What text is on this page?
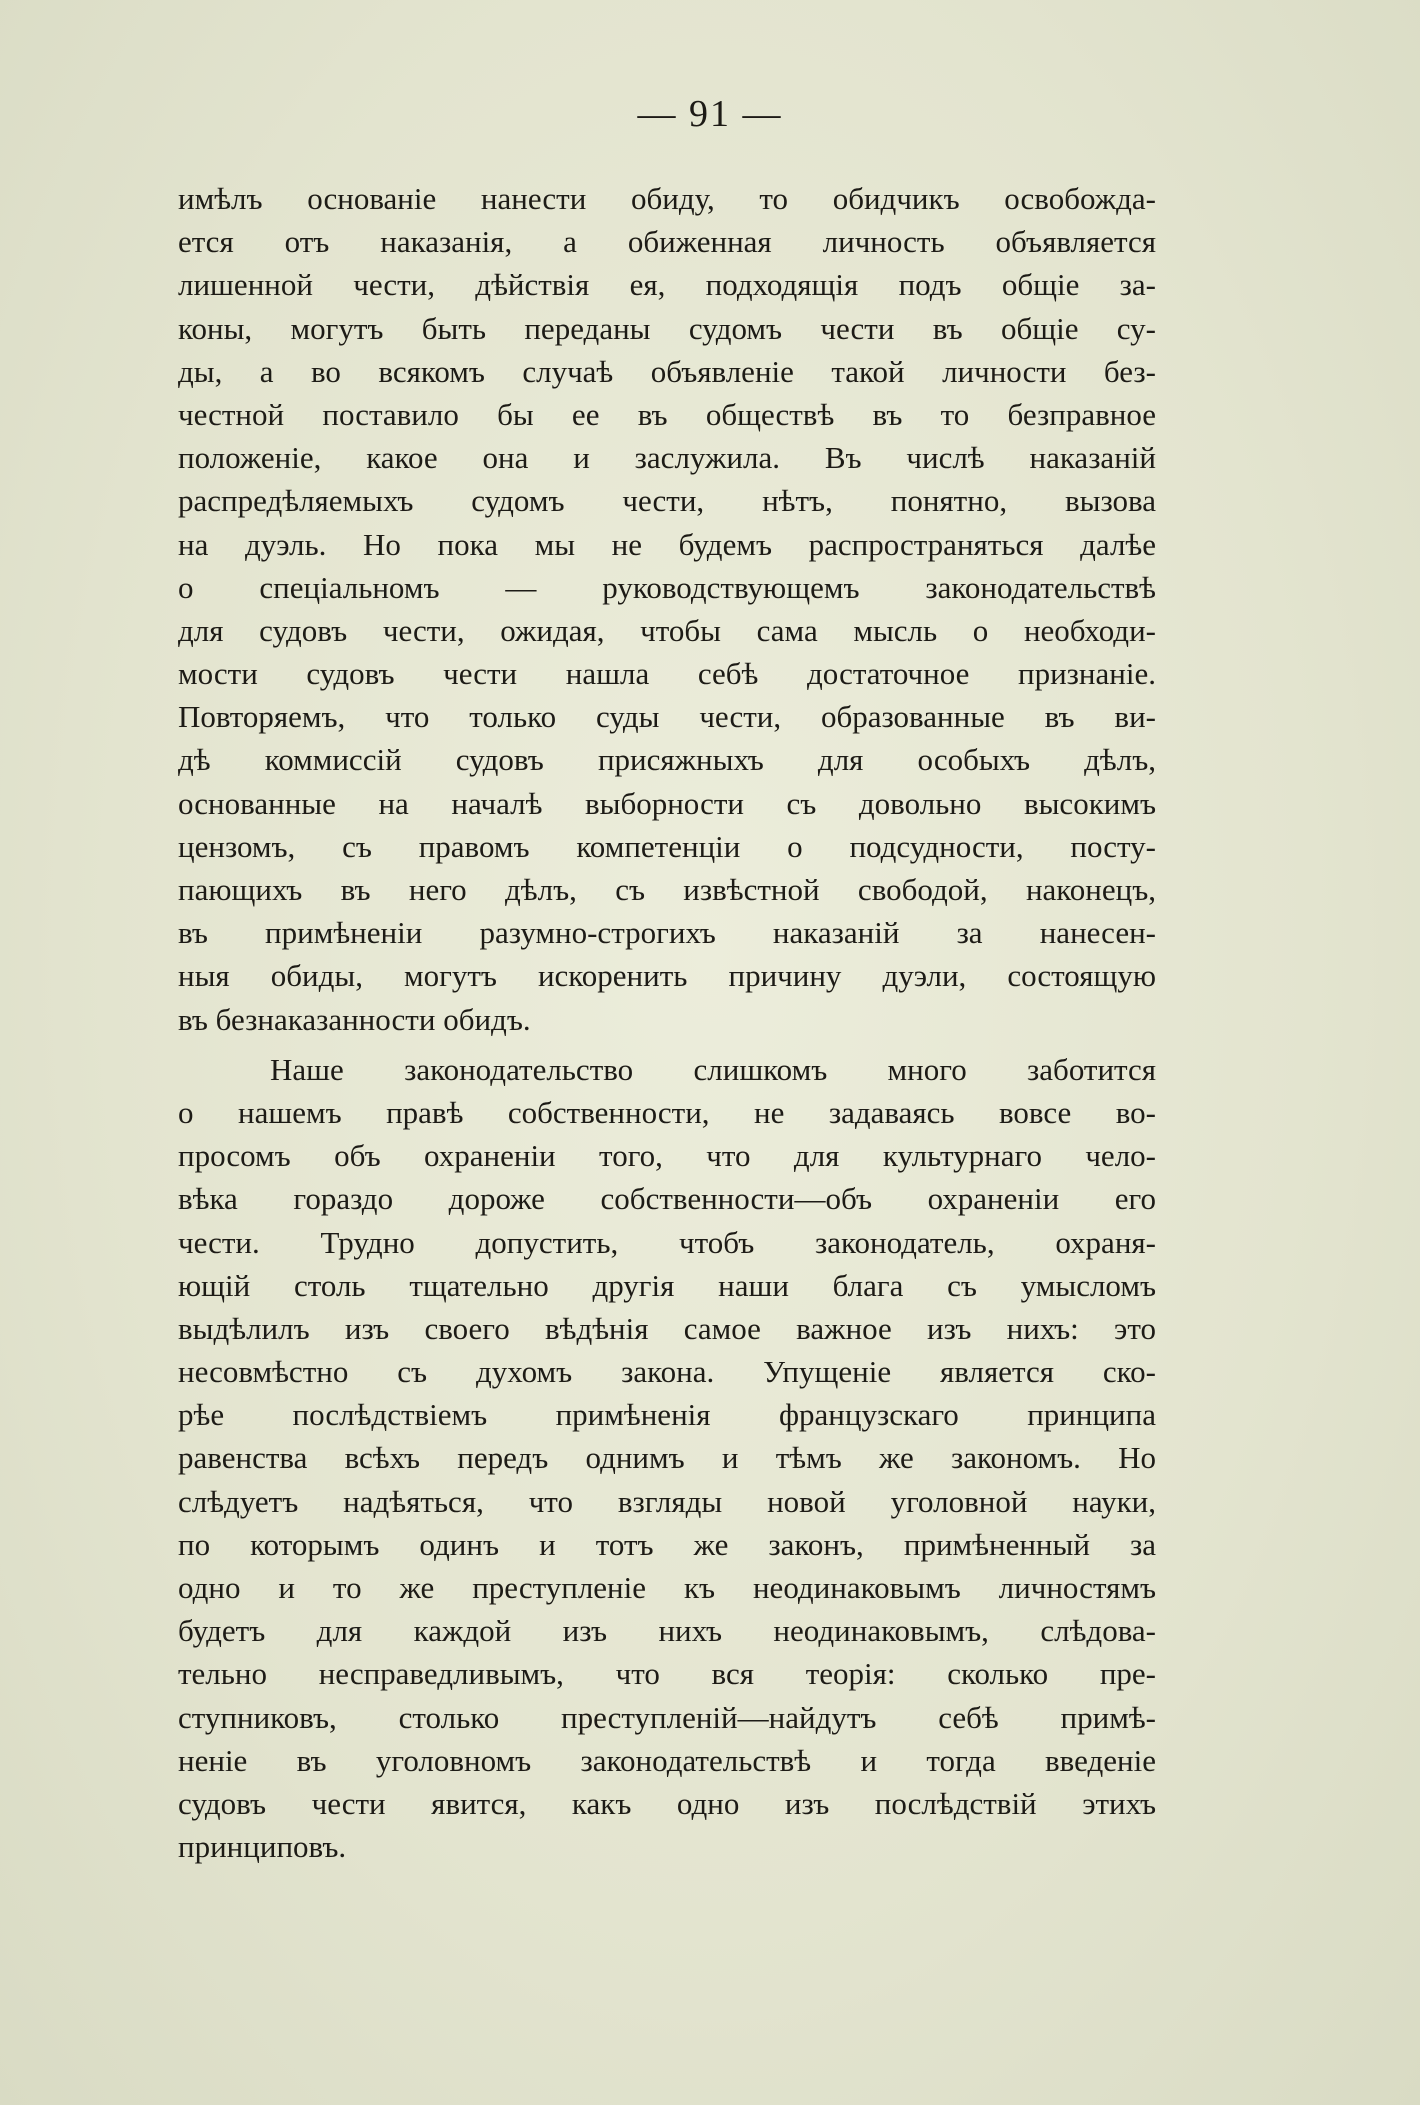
— 91 —
имѣлъ основаніе нанести обиду, то обидчикъ освобожда-
ется отъ наказанія, а обиженная личность объявляется
лишенной чести, дѣйствія ея, подходящія подъ общіе за-
коны, могутъ быть переданы судомъ чести въ общіе су-
ды, а во всякомъ случаѣ объявленіе такой личности без-
честной поставило бы ее въ обществѣ въ то безправное
положеніе, какое она и заслужила. Въ числѣ наказаній
распредѣляемыхъ судомъ чести, нѣтъ, понятно, вызова
на дуэль. Но пока мы не будемъ распространяться далѣе
о спеціальномъ — руководствующемъ законодательствѣ
для судовъ чести, ожидая, чтобы сама мысль о необходи-
мости судовъ чести нашла себѣ достаточное признаніе.
Повторяемъ, что только суды чести, образованные въ ви-
дѣ коммиссій судовъ присяжныхъ для особыхъ дѣлъ,
основанные на началѣ выборности съ довольно высокимъ
цензомъ, съ правомъ компетенціи о подсудности, посту-
пающихъ въ него дѣлъ, съ извѣстной свободой, наконецъ,
въ примѣненіи разумно-строгихъ наказаній за нанесен-
ныя обиды, могутъ искоренить причину дуэли, состоящую
въ безнаказанности обидъ.
Наше законодательство слишкомъ много заботится
о нашемъ правѣ собственности, не задаваясь вовсе во-
просомъ объ охраненіи того, что для культурнаго чело-
вѣка гораздо дороже собственности—объ охраненіи его
чести. Трудно допустить, чтобъ законодатель, охраня-
ющій столь тщательно другія наши блага съ умысломъ
выдѣлилъ изъ своего вѣдѣнія самое важное изъ нихъ: это
несовмѣстно съ духомъ закона. Упущеніе является ско-
рѣе послѣдствіемъ примѣненія французскаго принципа
равенства всѣхъ передъ однимъ и тѣмъ же закономъ. Но
слѣдуетъ надѣяться, что взгляды новой уголовной науки,
по которымъ одинъ и тотъ же законъ, примѣненный за
одно и то же преступленіе къ неодинаковымъ личностямъ
будетъ для каждой изъ нихъ неодинаковымъ, слѣдова-
тельно несправедливымъ, что вся теорія: сколько пре-
ступниковъ, столько преступленій—найдутъ себѣ примѣ-
неніе въ уголовномъ законодательствѣ и тогда введеніе
судовъ чести явится, какъ одно изъ послѣдствій этихъ
принциповъ.
